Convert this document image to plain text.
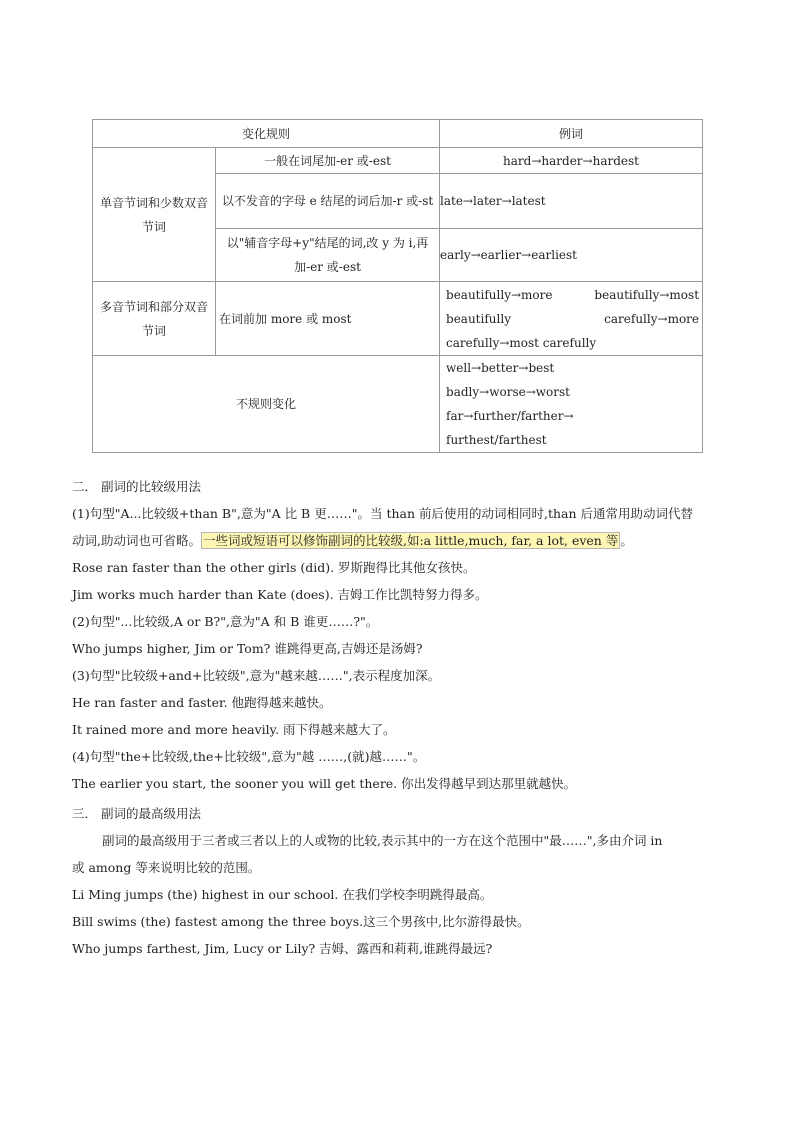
变化规则		例词
单音节词和少数双音节词	一般在词尾加-er 或-est	hard→harder→hardest
	以不发音的字母 e 结尾的词后加-r 或-st	late→later→latest
	以"辅音字母+y"结尾的词,改 y 为 i,再加-er 或-est	early→earlier→earliest
多音节词和部分双音节词	在词前加 more 或 most	beautifully→more beautifully→most
beautiful​ly carefully→more
carefully→most carefully

不规则变化		well→better→best
badly→worse→worst
far→further/farther→
furthest/farthest
二． 副词的比较级用法
(1)句型"A...比较级+than B",意为"A 比 B 更……"。当 than 前后使用的动词相同时,than 后通常用助动词代替
动词,助动词也可省略。 一些词或短语可以修饰副词的比较级,如:a little,much, far, a lot, even 等 。
Rose ran faster than the other girls (did). 罗斯跑得比其他女孩快。
Jim works much harder than Kate (does). 吉姆工作比凯特努力得多。
(2)句型"...比较级,A or B?",意为"A 和 B 谁更……?"。
Who jumps higher, Jim or Tom? 谁跳得更高,吉姆还是汤姆?
(3)句型"比较级+and+比较级",意为"越来越……",表示程度加深。
He ran faster and faster. 他跑得越来越快。
It rained more and more heavily. 雨下得越来越大了。
(4)句型"the+比较级,the+比较级",意为"越 ……,(就)越……"。
The earlier you start, the sooner you will get there. 你出发得越早到达那里就越快。
三． 副词的最高级用法
副词的最高级用于三者或三者以上的人或物的比较,表示其中的一方在这个范围中"最……",多由介词 in
或 among 等来说明比较的范围。
Li Ming jumps (the) highest in our school. 在我们学校李明跳得最高。
Bill swims (the) fastest among the three boys.这三个男孩中,比尔游得最快。
Who jumps farthest, Jim, Lucy or Lily? 吉姆、露西和莉莉,谁跳得最远?
